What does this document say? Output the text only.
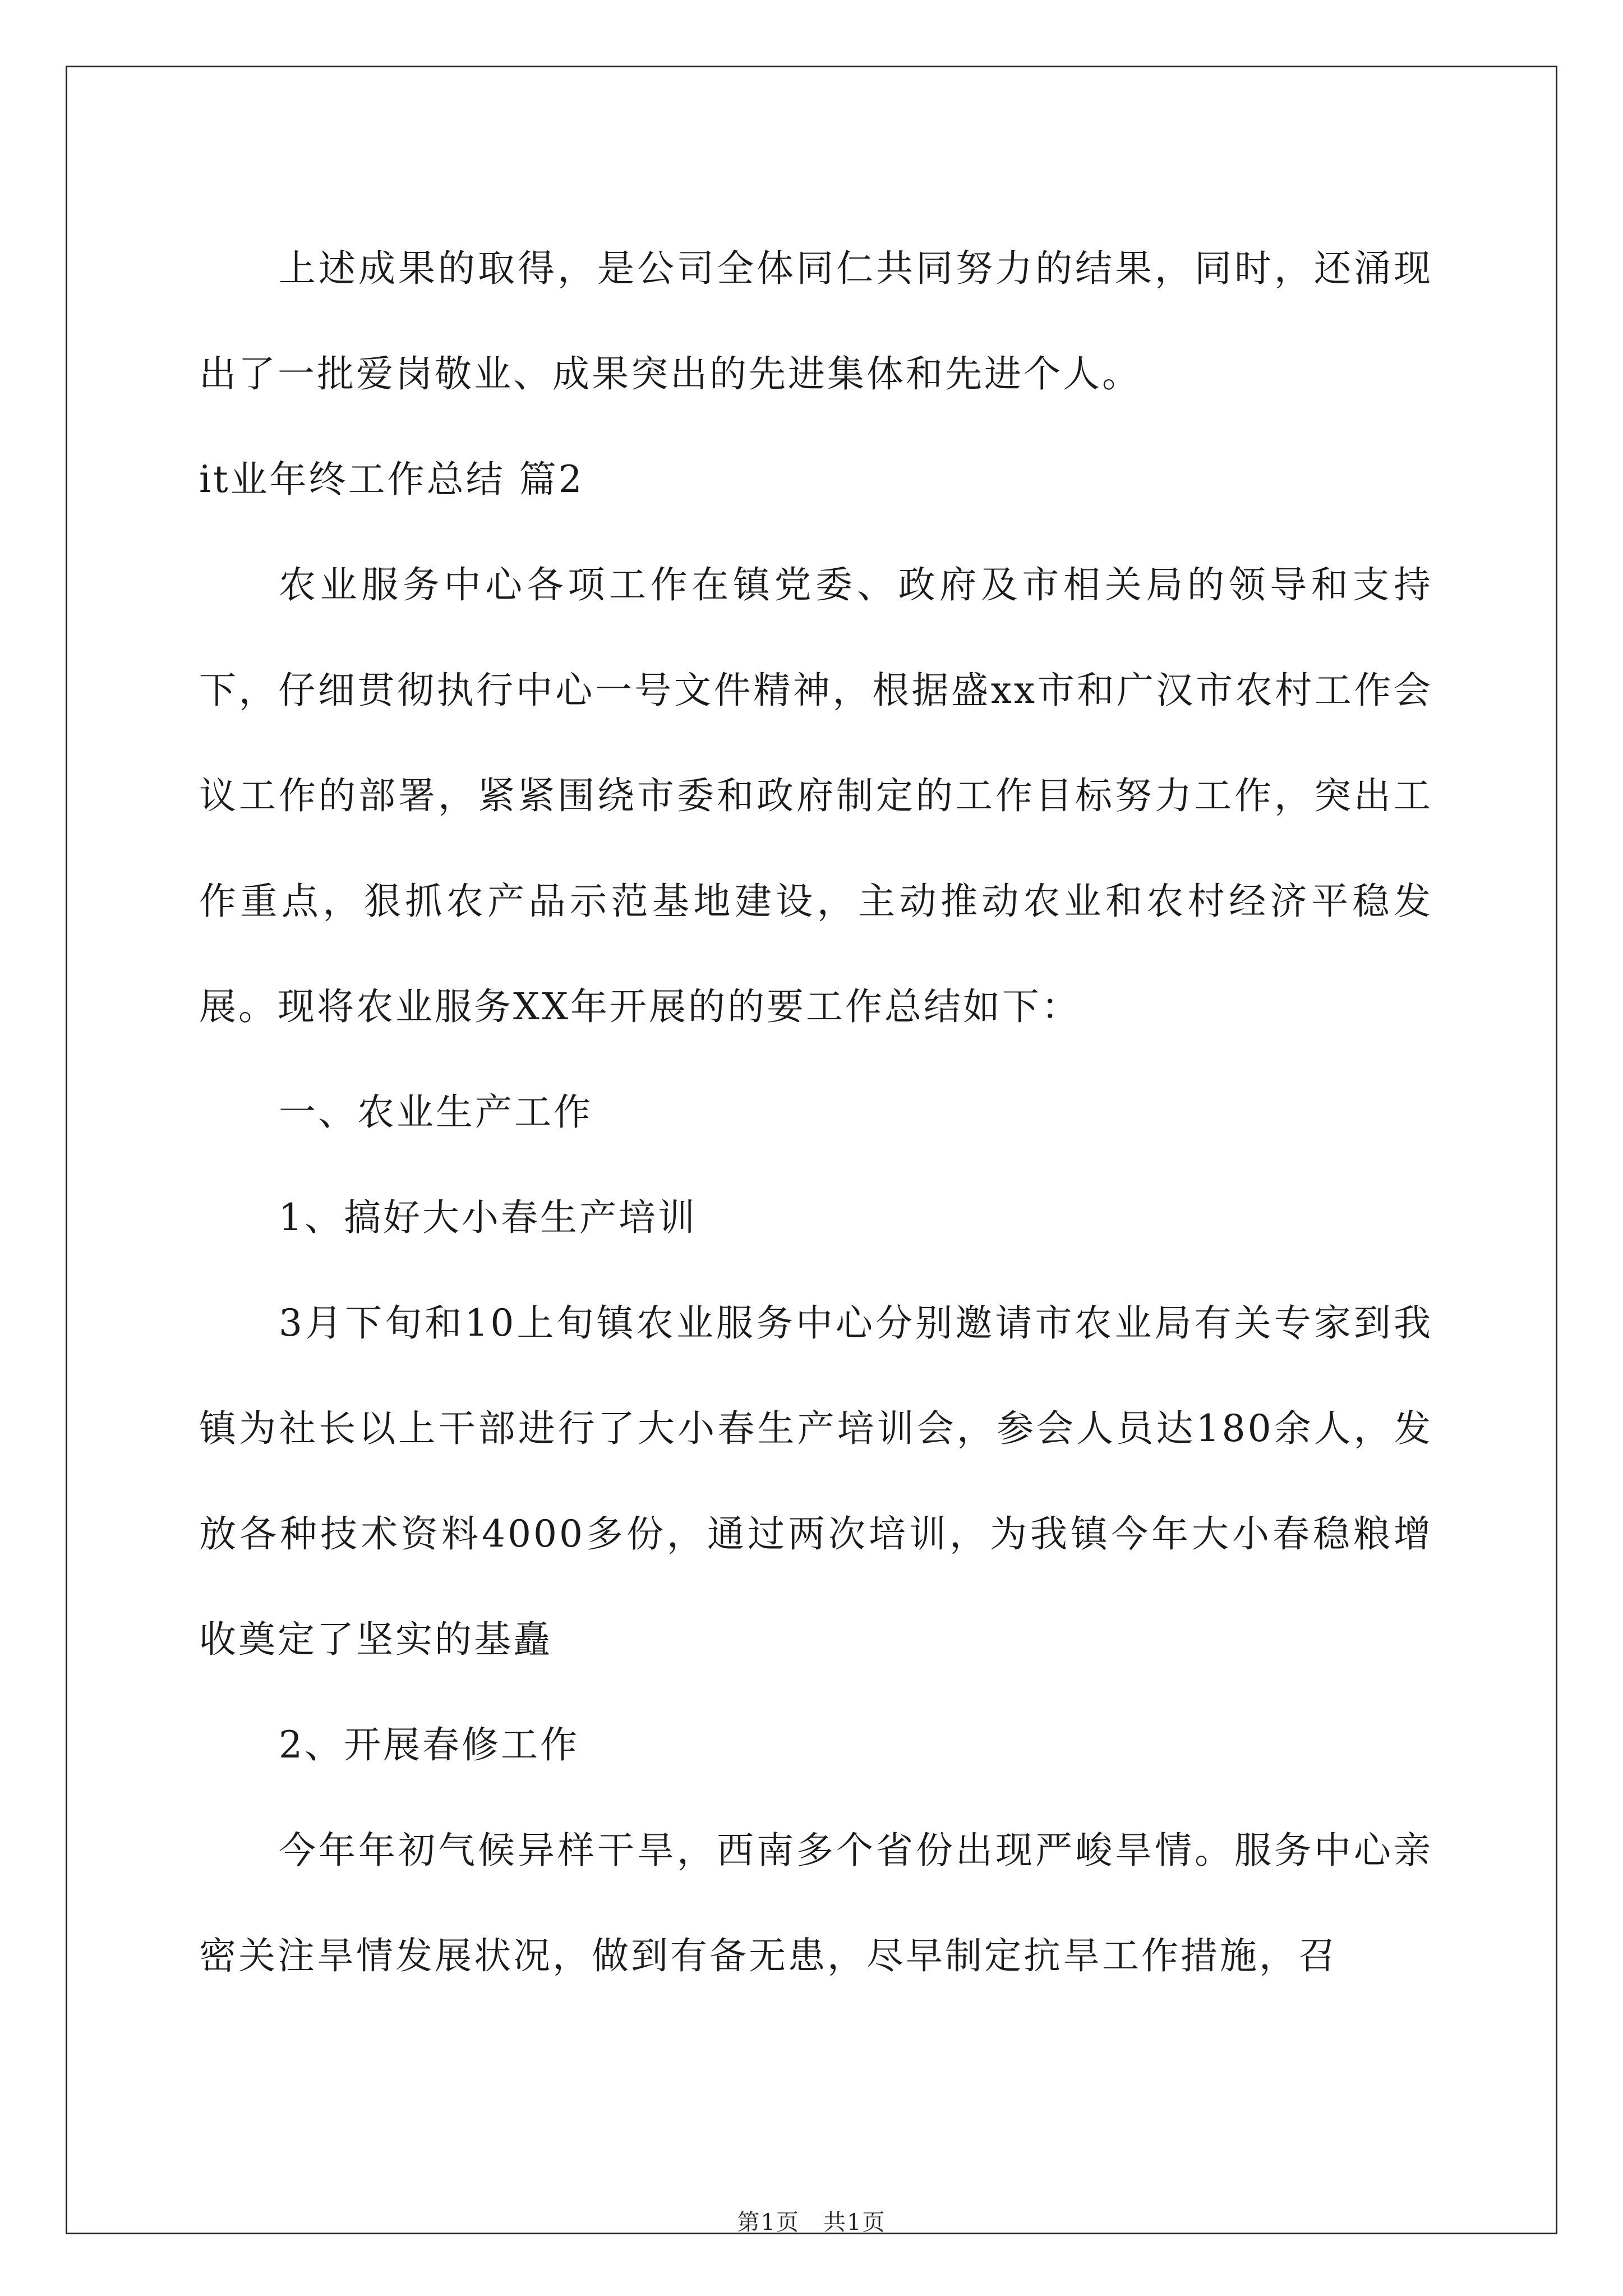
上述成果的取得，是公司全体同仁共同努力的结果，同时，还涌现出了一批爱岗敬业、成果突出的先进集体和先进个人。

it业年终工作总结 篇2

农业服务中心各项工作在镇党委、政府及市相关局的领导和支持下，仔细贯彻执行中心一号文件精神，根据盛xx市和广汉市农村工作会议工作的部署，紧紧围绕市委和政府制定的工作目标努力工作，突出工作重点，狠抓农产品示范基地建设，主动推动农业和农村经济平稳发展。现将农业服务XX年开展的的要工作总结如下：

一、农业生产工作

1、搞好大小春生产培训

3月下旬和10上旬镇农业服务中心分别邀请市农业局有关专家到我镇为社长以上干部进行了大小春生产培训会，参会人员达180余人，发放各种技术资料4000多份，通过两次培训，为我镇今年大小春稳粮增收奠定了坚实的基矗

2、开展春修工作

今年年初气候异样干旱，西南多个省份出现严峻旱情。服务中心亲密关注旱情发展状况，做到有备无患，尽早制定抗旱工作措施，召

第1页　共1页
